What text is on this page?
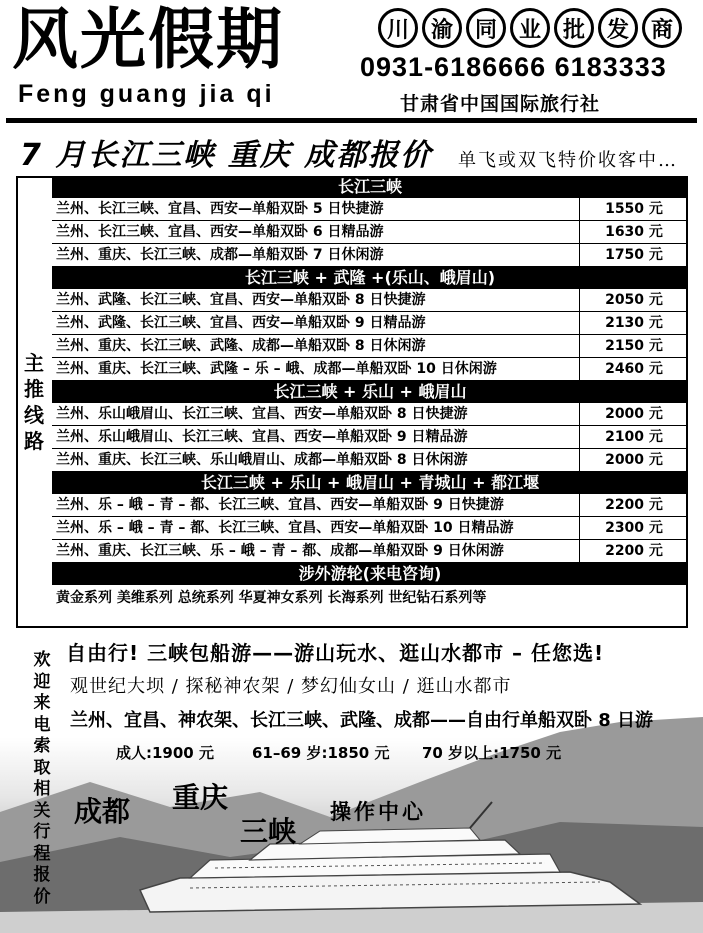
风光假期
Feng guang jia qi
川 渝 同 业 批 发 商
0931-6186666 6183333
甘肃省中国国际旅行社
7 月长江三峡 重庆 成都报价 单飞或双飞特价收客中…
主
推
线
路
长江三峡
兰州、长江三峡、宜昌、西安—单船双卧 5 日快捷游	1550 元
兰州、长江三峡、宜昌、西安—单船双卧 6 日精品游	1630 元
兰州、重庆、长江三峡、成都—单船双卧 7 日休闲游	1750 元
长江三峡 + 武隆 +(乐山、峨眉山)
兰州、武隆、长江三峡、宜昌、西安—单船双卧 8 日快捷游	2050 元
兰州、武隆、长江三峡、宜昌、西安—单船双卧 9 日精品游	2130 元
兰州、重庆、长江三峡、武隆、成都—单船双卧 8 日休闲游	2150 元
兰州、重庆、长江三峡、武隆 – 乐 – 峨、成都—单船双卧 10 日休闲游	2460 元
长江三峡 + 乐山 + 峨眉山
兰州、乐山峨眉山、长江三峡、宜昌、西安—单船双卧 8 日快捷游	2000 元
兰州、乐山峨眉山、长江三峡、宜昌、西安—单船双卧 9 日精品游	2100 元
兰州、重庆、长江三峡、乐山峨眉山、成都—单船双卧 8 日休闲游	2000 元
长江三峡 + 乐山 + 峨眉山 + 青城山 + 都江堰
兰州、乐 – 峨 – 青 – 都、长江三峡、宜昌、西安—单船双卧 9 日快捷游	2200 元
兰州、乐 – 峨 – 青 – 都、长江三峡、宜昌、西安—单船双卧 10 日精品游	2300 元
兰州、重庆、长江三峡、乐 – 峨 – 青 – 都、成都—单船双卧 9 日休闲游	2200 元
涉外游轮(来电咨询)
黄金系列 美维系列 总统系列 华夏神女系列 长海系列 世纪钻石系列等
欢
迎
来
电
索
取
相
关
行
程
报
价
自由行! 三峡包船游——游山玩水、逛山水都市 – 任您选!
观世纪大坝 / 探秘神农架 / 梦幻仙女山 / 逛山水都市
兰州、宜昌、神农架、长江三峡、武隆、成都——自由行单船双卧 8 日游
成人:1900 元	61–69 岁:1850 元 70 岁以上:1750 元
成都 重庆
三峡
操作中心
